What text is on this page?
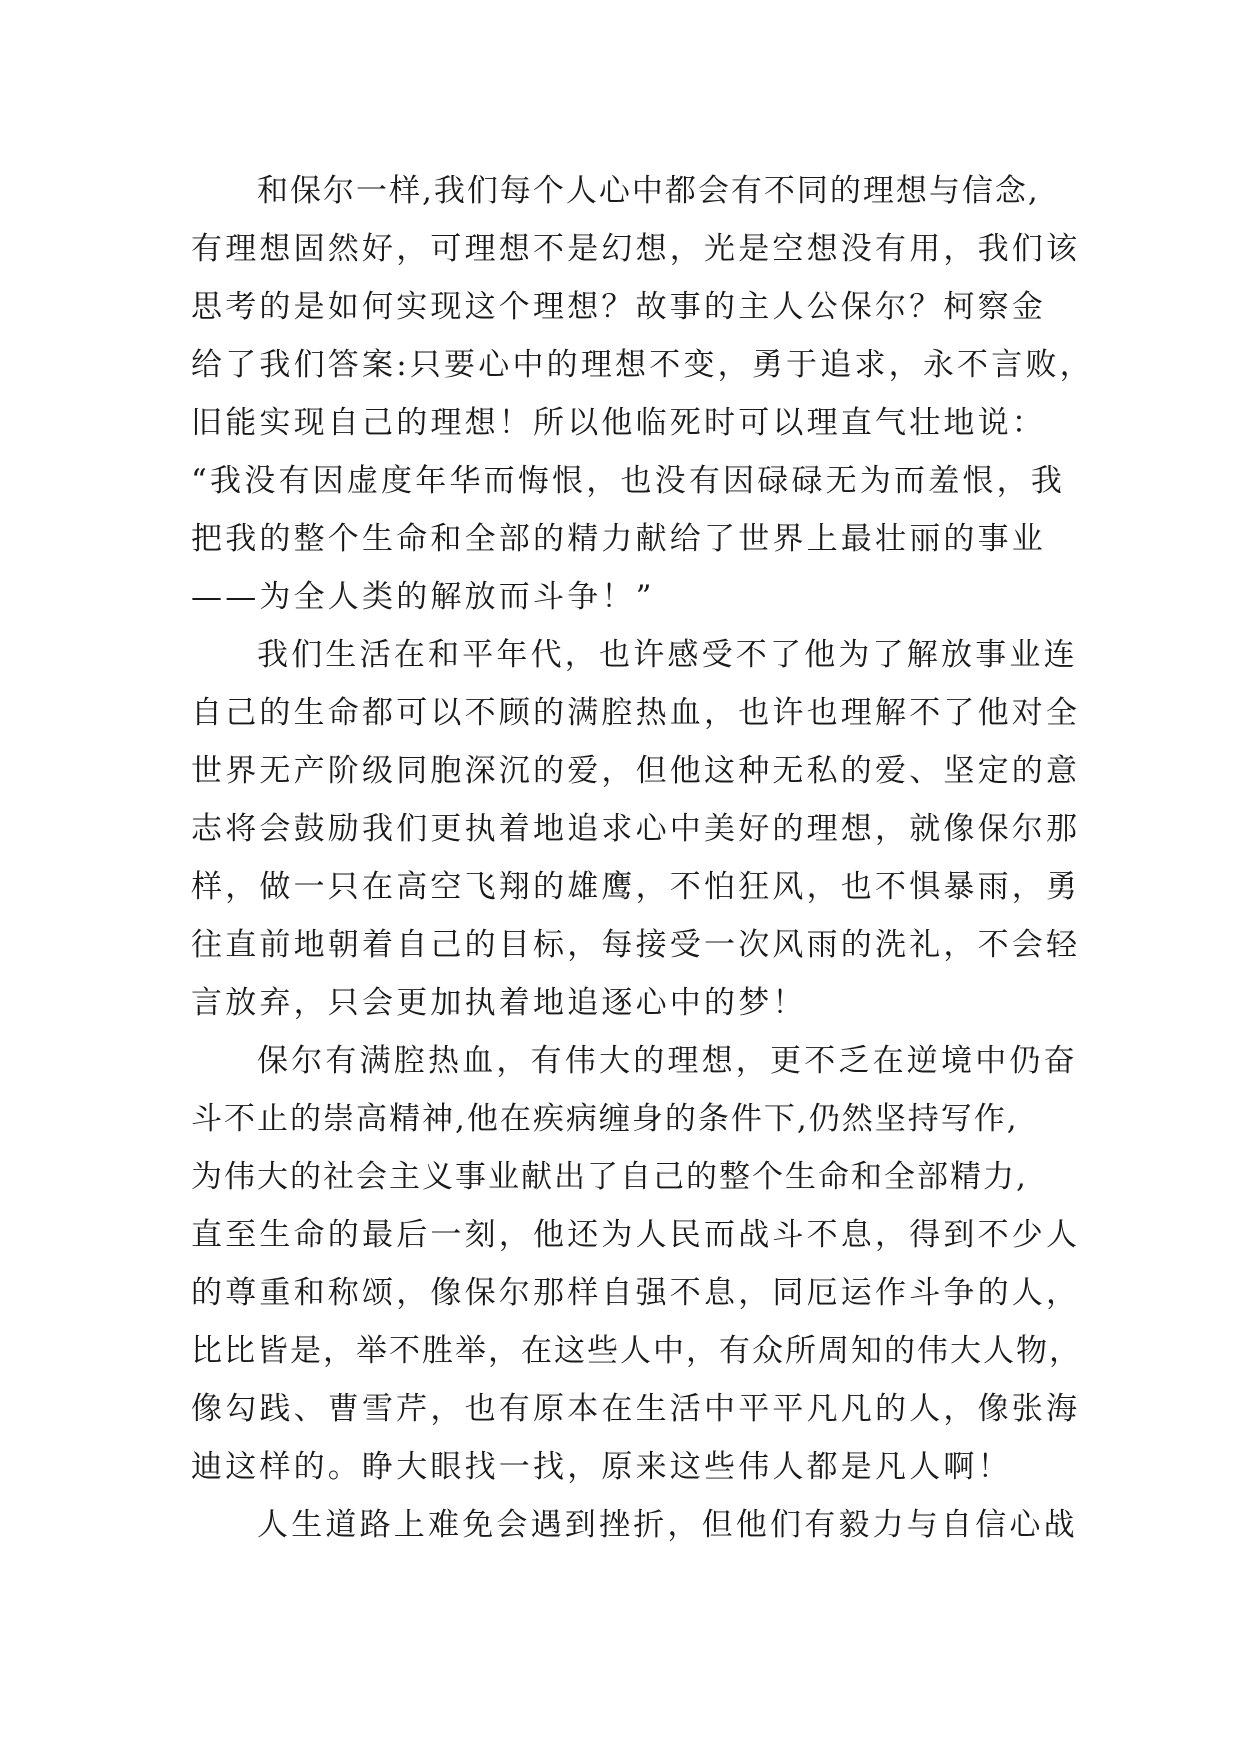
和保尔一样,我们每个人心中都会有不同的理想与信念,
有理想固然好，可理想不是幻想，光是空想没有用，我们该
思考的是如何实现这个理想？故事的主人公保尔？柯察金
给了我们答案:只要心中的理想不变，勇于追求，永不言败，
旧能实现自己的理想！所以他临死时可以理直气壮地说：
“我没有因虚度年华而悔恨，也没有因碌碌无为而羞恨，我
把我的整个生命和全部的精力献给了世界上最壮丽的事业
——为全人类的解放而斗争！”
我们生活在和平年代，也许感受不了他为了解放事业连
自己的生命都可以不顾的满腔热血，也许也理解不了他对全
世界无产阶级同胞深沉的爱，但他这种无私的爱、坚定的意
志将会鼓励我们更执着地追求心中美好的理想，就像保尔那
样，做一只在高空飞翔的雄鹰，不怕狂风，也不惧暴雨，勇
往直前地朝着自己的目标，每接受一次风雨的洗礼，不会轻
言放弃，只会更加执着地追逐心中的梦！
保尔有满腔热血，有伟大的理想，更不乏在逆境中仍奋
斗不止的崇高精神,他在疾病缠身的条件下,仍然坚持写作,
为伟大的社会主义事业献出了自己的整个生命和全部精力,
直至生命的最后一刻，他还为人民而战斗不息，得到不少人
的尊重和称颂，像保尔那样自强不息，同厄运作斗争的人，
比比皆是，举不胜举，在这些人中，有众所周知的伟大人物，
像勾践、曹雪芹，也有原本在生活中平平凡凡的人，像张海
迪这样的。睁大眼找一找，原来这些伟人都是凡人啊！
人生道路上难免会遇到挫折，但他们有毅力与自信心战
